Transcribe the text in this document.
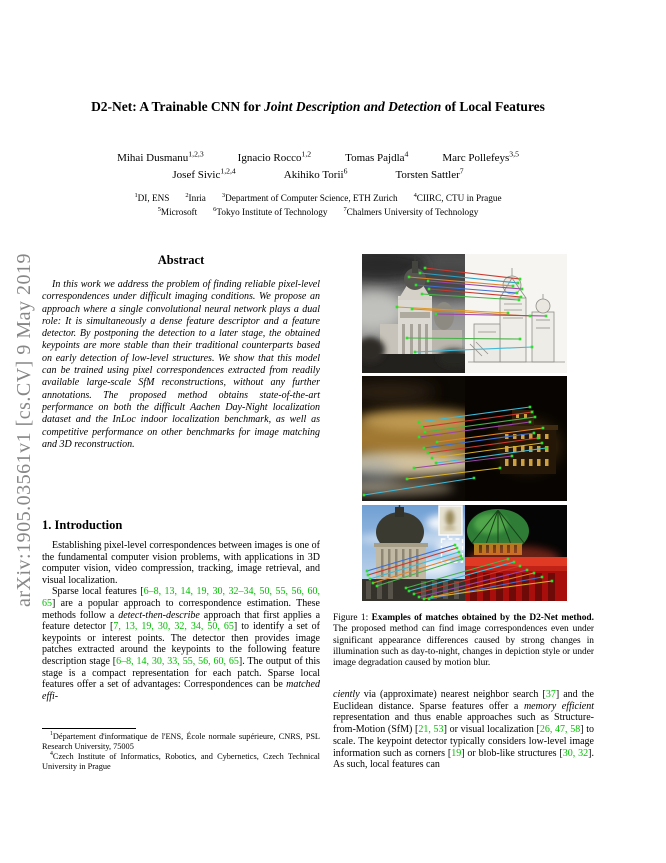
arXiv:1905.03561v1 [cs.CV] 9 May 2019
D2-Net: A Trainable CNN for Joint Description and Detection of Local Features
Mihai Dusmanu$^{1,2,3}$	Ignacio Rocco$^{1,2}$	Tomas Pajdla$^4$	Marc Pollefeys$^{3,5}$
Josef Sivic$^{1,2,4}$	Akihiko Torii$^6$	Torsten Sattler$^7$
$^1$DI, ENS $^2$Inria $^3$Department of Computer Science, ETH Zurich $^4$CIIRC, CTU in Prague
$^5$Microsoft $^6$Tokyo Institute of Technology $^7$Chalmers University of Technology
Abstract
In this work we address the problem of finding reliable pixel-level correspondences under difficult imaging conditions. We propose an approach where a single convolutional neural network plays a dual role: It is simultaneously a dense feature descriptor and a feature detector. By postponing the detection to a later stage, the obtained keypoints are more stable than their traditional counterparts based on early detection of low-level structures. We show that this model can be trained using pixel correspondences extracted from readily available large-scale SfM reconstructions, without any further annotations. The proposed method obtains state-of-the-art performance on both the difficult Aachen Day-Night localization dataset and the InLoc indoor localization benchmark, as well as competitive performance on other benchmarks for image matching and 3D reconstruction.
1. Introduction

Establishing pixel-level correspondences between images is one of the fundamental computer vision problems, with applications in 3D computer vision, video compression, tracking, image retrieval, and visual localization.

Sparse local features [6–8, 13, 14, 19, 30, 32–34, 50, 55, 56, 60, 65] are a popular approach to correspondence estimation. These methods follow a detect-then-describe approach that first applies a feature detector [7, 13, 19, 30, 32, 34, 50, 65] to identify a set of keypoints or interest points. The detector then provides image patches extracted around the keypoints to the following feature description stage [6–8, 14, 30, 33, 55, 56, 60, 65]. The output of this stage is a compact representation for each patch. Sparse local features offer a set of advantages: Correspondences can be matched effi-

$^1$Département d'informatique de l'ENS, École normale supérieure, CNRS, PSL Research University, 75005

$^4$Czech Institute of Informatics, Robotics, and Cybernetics, Czech Technical University in Prague

Figure 1: Examples of matches obtained by the D2-Net method. The proposed method can find image correspondences even under significant appearance differences caused by strong changes in illumination such as day-to-night, changes in depiction style or under image degradation caused by motion blur.
ciently via (approximate) nearest neighbor search [37] and the Euclidean distance. Sparse features offer a memory efficient representation and thus enable approaches such as Structure-from-Motion (SfM) [21, 53] or visual localization [26, 47, 58] to scale. The keypoint detector typically considers low-level image information such as corners [19] or blob-like structures [30, 32]. As such, local features can
